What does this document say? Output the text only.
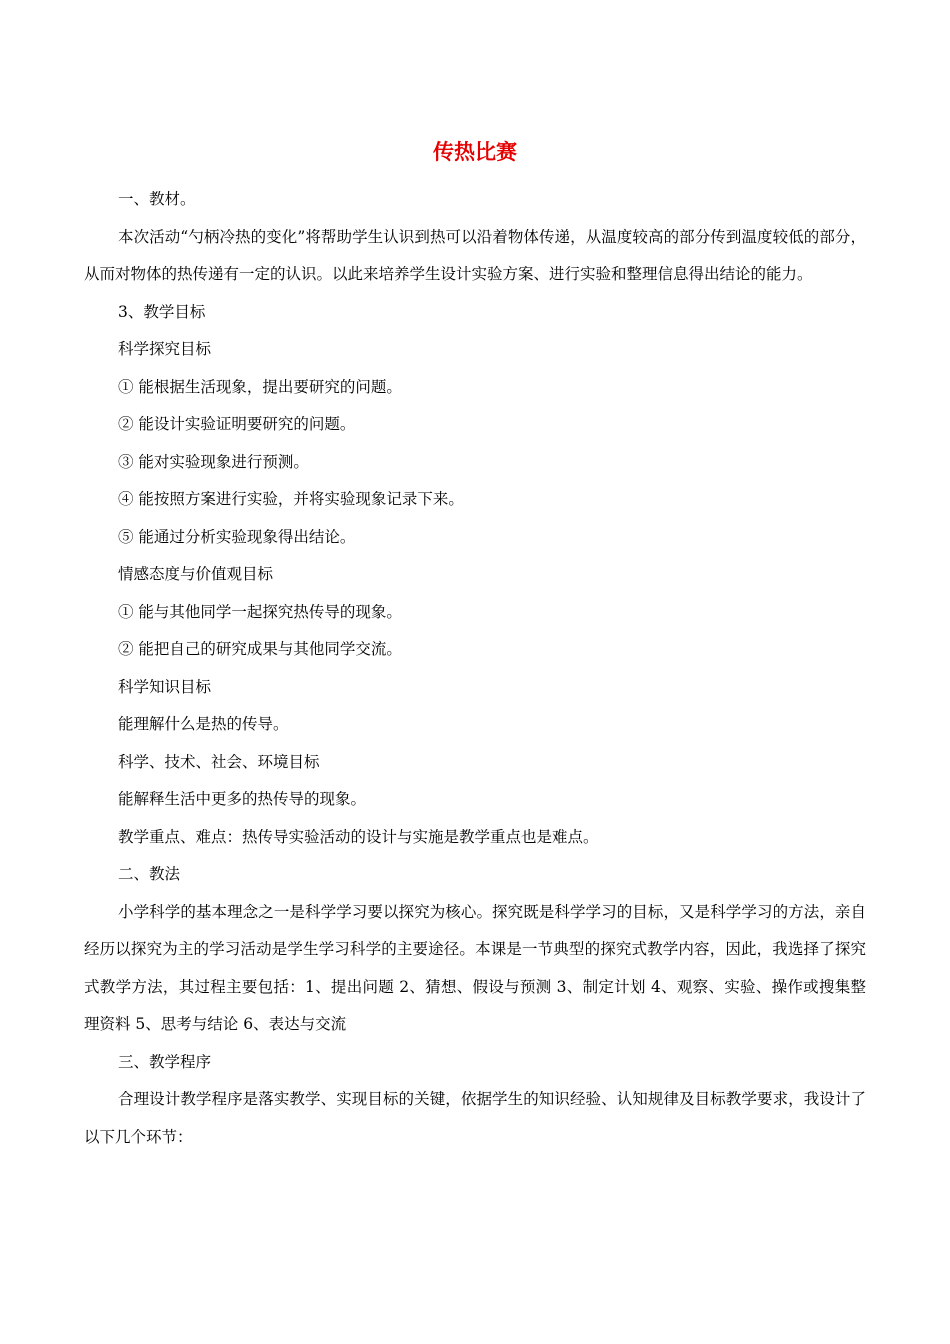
传热比赛

一、教材。

本次活动“勺柄冷热的变化”将帮助学生认识到热可以沿着物体传递，从温度较高的部分传到温度较低的部分，从而对物体的热传递有一定的认识。以此来培养学生设计实验方案、进行实验和整理信息得出结论的能力。

3、教学目标

科学探究目标

① 能根据生活现象，提出要研究的问题。

② 能设计实验证明要研究的问题。

③ 能对实验现象进行预测。

④ 能按照方案进行实验，并将实验现象记录下来。

⑤ 能通过分析实验现象得出结论。

情感态度与价值观目标

① 能与其他同学一起探究热传导的现象。

② 能把自己的研究成果与其他同学交流。

科学知识目标

能理解什么是热的传导。

科学、技术、社会、环境目标

能解释生活中更多的热传导的现象。

教学重点、难点：热传导实验活动的设计与实施是教学重点也是难点。

二、教法

小学科学的基本理念之一是科学学习要以探究为核心。探究既是科学学习的目标，又是科学学习的方法，亲自经历以探究为主的学习活动是学生学习科学的主要途径。本课是一节典型的探究式教学内容，因此，我选择了探究式教学方法，其过程主要包括：1、提出问题 2、猜想、假设与预测 3、制定计划 4、观察、实验、操作或搜集整理资料 5、思考与结论 6、表达与交流

三、教学程序

合理设计教学程序是落实教学、实现目标的关键，依据学生的知识经验、认知规律及目标教学要求，我设计了以下几个环节：
